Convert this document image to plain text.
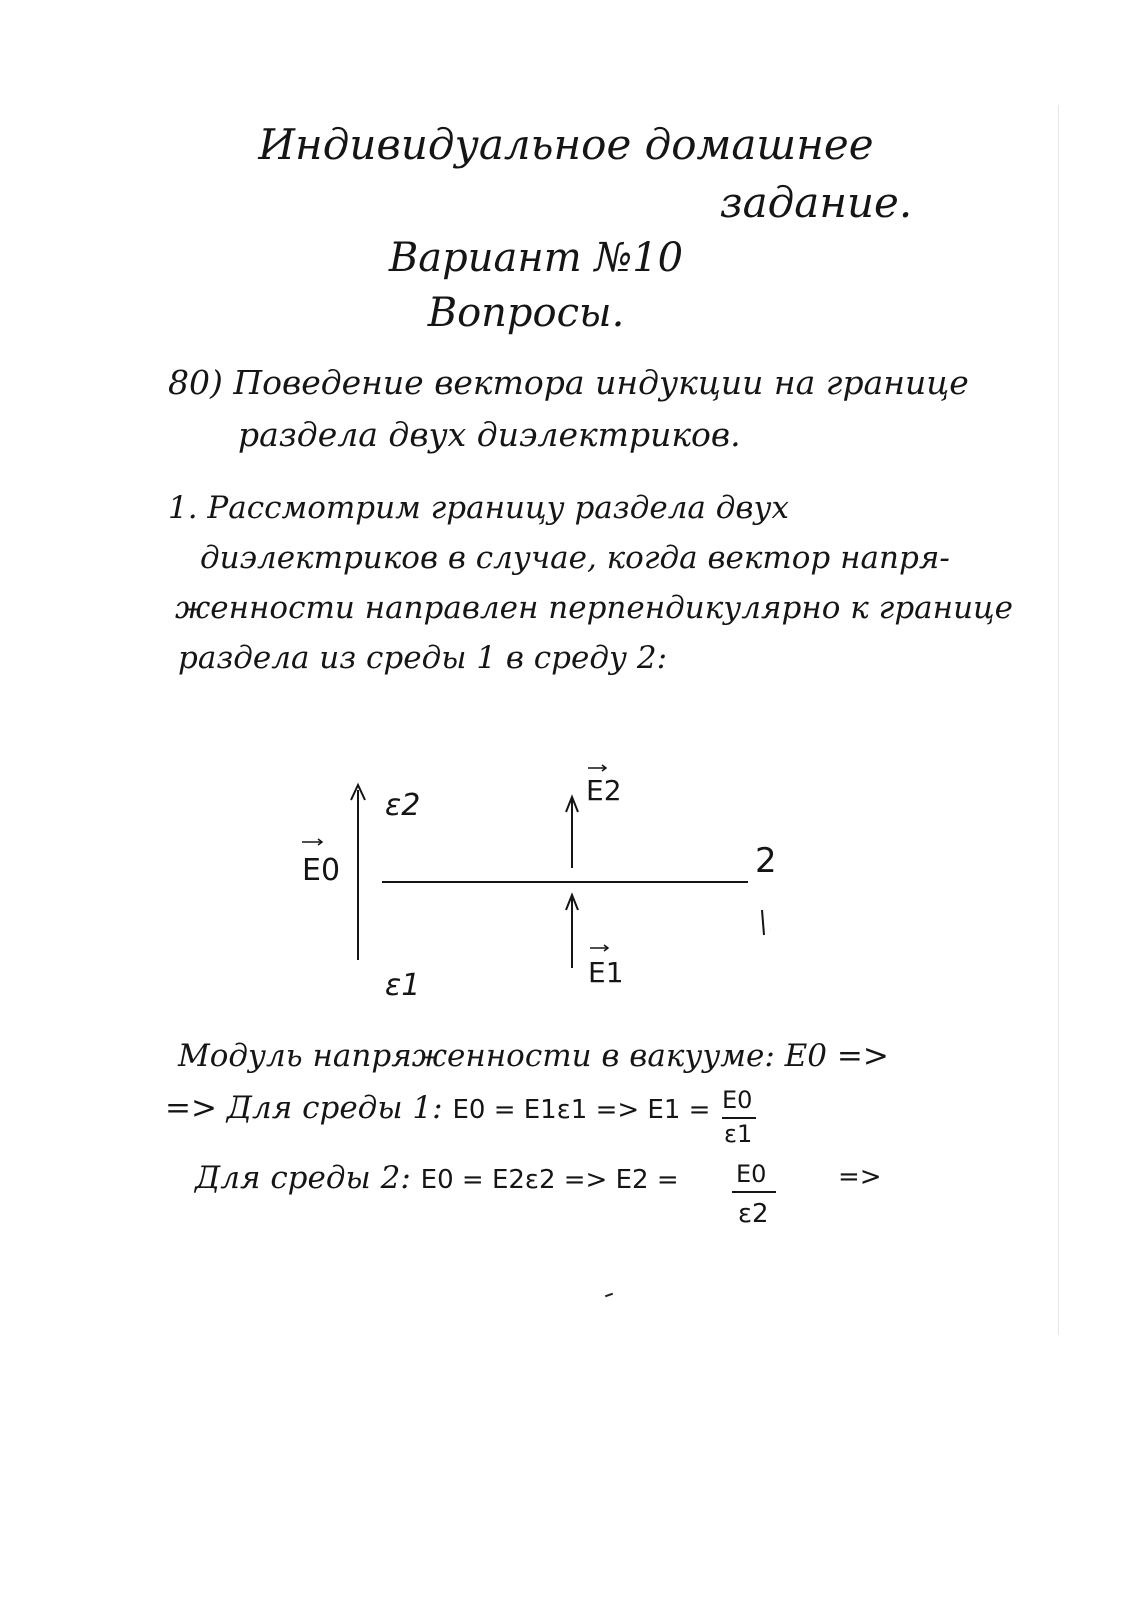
Индивидуальное домашнее
задание.
Вариант №10
Вопросы.
80) Поведение вектора индукции на границе
раздела двух диэлектриков.
1. Рассмотрим границу раздела двух
диэлектриков в случае, когда вектор напря-
женности направлен перпендикулярно к границе
раздела из среды 1 в среду 2:
E0
ε2
ε1
E2
E1
2
1
E0
ε1
E0
ε2
Модуль напряженности в вакууме: E0 =>
=> Для среды 1: E0 = E1ε1 => E1 =
Для среды 2: E0 = E2ε2 => E2 =	=>
